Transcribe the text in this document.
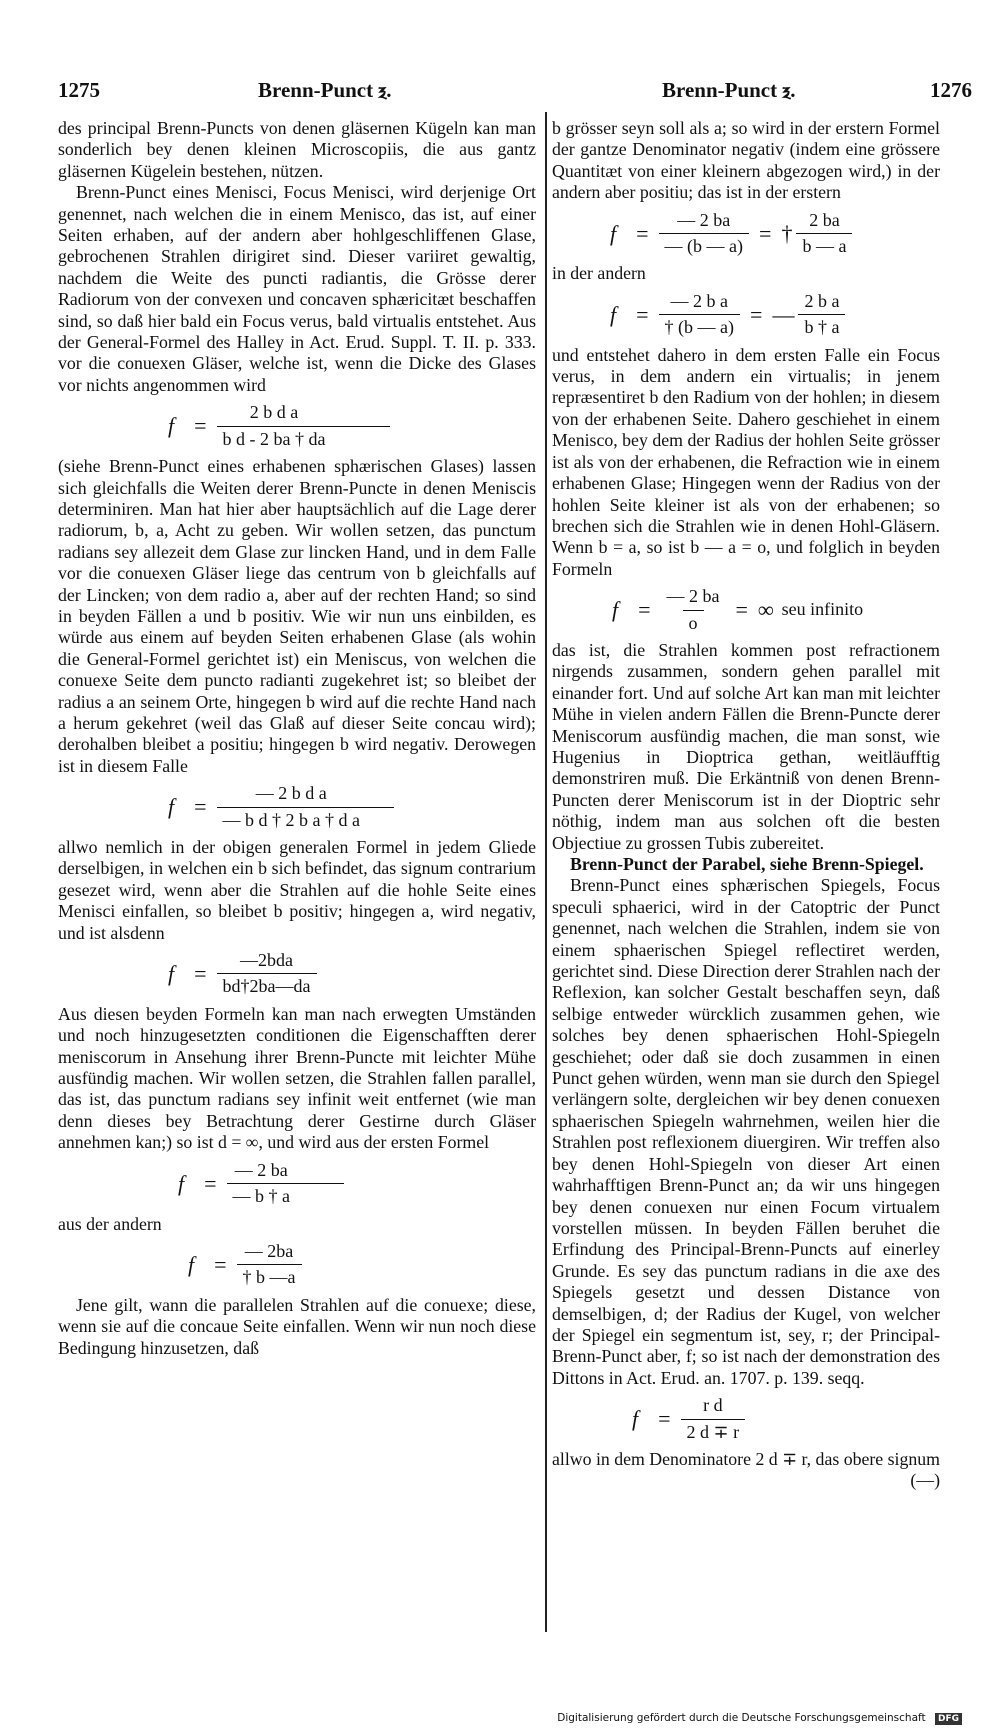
1275	Brenn-Punct ⲝ.	Brenn-Punct ⲝ.	1276

des principal Brenn-Puncts von denen gläsernen Kügeln kan man sonderlich bey denen kleinen Microscopiis, die aus gantz gläsernen Kügelein bestehen, nützen.

Brenn-Punct eines Menisci, Focus Menisci, wird derjenige Ort genennet, nach welchen die in einem Menisco, das ist, auf einer Seiten erhaben, auf der andern aber hohlgeschliffenen Glase, gebrochenen Strahlen dirigiret sind. Dieser variiret gewaltig, nachdem die Weite des puncti radiantis, die Grösse derer Radiorum von der convexen und concaven sphæricitæt beschaffen sind, so daß hier bald ein Focus verus, bald virtualis entstehet. Aus der General-Formel des Halley in Act. Erud. Suppl. T. II. p. 333. vor die conuexen Gläser, welche ist, wenn die Dicke des Glases vor nichts angenommen wird

$f = \frac{\text{2 b d a}}{\text{b d - 2 ba † da}}$

(siehe Brenn-Punct eines erhabenen sphærischen Glases) lassen sich gleichfalls die Weiten derer Brenn-Puncte in denen Meniscis determiniren. Man hat hier aber hauptsächlich auf die Lage derer radiorum, b, a, Acht zu geben. Wir wollen setzen, das punctum radians sey allezeit dem Glase zur lincken Hand, und in dem Falle vor die conuexen Gläser liege das centrum von b gleichfalls auf der Lincken; von dem radio a, aber auf der rechten Hand; so sind in beyden Fällen a und b positiv. Wie wir nun uns einbilden, es würde aus einem auf beyden Seiten erhabenen Glase (als wohin die General-Formel gerichtet ist) ein Meniscus, von welchen die conuexe Seite dem puncto radianti zugekehret ist; so bleibet der radius a an seinem Orte, hingegen b wird auf die rechte Hand nach a herum gekehret (weil das Glaß auf dieser Seite concau wird); derohalben bleibet a positiu; hingegen b wird negativ. Derowegen ist in diesem Falle

$f = \frac{\text{— 2 b d a}}{\text{— b d † 2 b a † d a}}$

allwo nemlich in der obigen generalen Formel in jedem Gliede derselbigen, in welchen ein b sich befindet, das signum contrarium gesezet wird, wenn aber die Strahlen auf die hohle Seite eines Menisci einfallen, so bleibet b positiv; hingegen a, wird negativ, und ist alsdenn

$f = \frac{\text{—2bda}}{bd\dagger 2ba—da}$

Aus diesen beyden Formeln kan man nach erwegten Umständen und noch hinzugesetzten conditionen die Eigenschafften derer meniscorum in Ansehung ihrer Brenn-Puncte mit leichter Mühe ausfündig machen. Wir wollen setzen, die Strahlen fallen parallel, das ist, das punctum radians sey infinit weit entfernet (wie man denn dieses bey Betrachtung derer Gestirne durch Gläser annehmen kan;) so ist d = ∞, und wird aus der ersten Formel

$f = \frac{— 2 ba}{— b \dagger a}$

aus der andern

$f = \frac{— 2ba}{\dagger b —a}$

Jene gilt, wann die parallelen Strahlen auf die conuexe; diese, wenn sie auf die concaue Seite einfallen. Wenn wir nun noch diese Bedingung hinzusetzen, daß

b grösser seyn soll als a; so wird in der erstern Formel der gantze Denominator negativ (indem eine grössere Quantitæt von einer kleinern abgezogen wird,) in der andern aber positiu; das ist in der erstern

$f = \frac{— 2 ba}{— (b — a)}$ = † $\frac{2 ba}{b — a}$

in der andern

$f = \frac{\text{— 2 b a}}{\dagger (b — a)}$ = — $\frac{\text{2 b a}}{b \dagger a}$

und entstehet dahero in dem ersten Falle ein Focus verus, in dem andern ein virtualis; in jenem repræsentiret b den Radium von der hohlen; in diesem von der erhabenen Seite. Dahero geschiehet in einem Menisco, bey dem der Radius der hohlen Seite grösser ist als von der erhabenen, die Refraction wie in einem erhabenen Glase; Hingegen wenn der Radius von der hohlen Seite kleiner ist als von der erhabenen; so brechen sich die Strahlen wie in denen Hohl-Gläsern. Wenn b = a, so ist b — a = o, und folglich in beyden Formeln

$f = \frac{— 2 ba}{o}$ = ∞ seu infinito

das ist, die Strahlen kommen post refractionem nirgends zusammen, sondern gehen parallel mit einander fort. Und auf solche Art kan man mit leichter Mühe in vielen andern Fällen die Brenn-Puncte derer Meniscorum ausfündig machen, die man sonst, wie Hugenius in Dioptrica gethan, weitläufftig demonstriren muß. Die Erkäntniß von denen Brenn-Puncten derer Meniscorum ist in der Dioptric sehr nöthig, indem man aus solchen oft die besten Objectiue zu grossen Tubis zubereitet.

Brenn-Punct der Parabel, siehe Brenn-Spiegel.

Brenn-Punct eines sphærischen Spiegels, Focus speculi sphaerici, wird in der Catoptric der Punct genennet, nach welchen die Strahlen, indem sie von einem sphaerischen Spiegel reflectiret werden, gerichtet sind. Diese Direction derer Strahlen nach der Reflexion, kan solcher Gestalt beschaffen seyn, daß selbige entweder würcklich zusammen gehen, wie solches bey denen sphaerischen Hohl-Spiegeln geschiehet; oder daß sie doch zusammen in einen Punct gehen würden, wenn man sie durch den Spiegel verlängern solte, dergleichen wir bey denen conuexen sphaerischen Spiegeln wahrnehmen, weilen hier die Strahlen post reflexionem diuergiren. Wir treffen also bey denen Hohl-Spiegeln von dieser Art einen wahrhafftigen Brenn-Punct an; da wir uns hingegen bey denen conuexen nur einen Focum virtualem vorstellen müssen. In beyden Fällen beruhet die Erfindung des Principal-Brenn-Puncts auf einerley Grunde. Es sey das punctum radians in die axe des Spiegels gesetzt und dessen Distance von demselbigen, d; der Radius der Kugel, von welcher der Spiegel ein segmentum ist, sey, r; der Principal-Brenn-Punct aber, f; so ist nach der demonstration des Dittons in Act. Erud. an. 1707. p. 139. seqq.

$f = \frac{\text{r d}}{2 d \mp r}$

allwo in dem Denominatore 2 d ∓ r, das obere signum

(—)

Digitalisierung gefördert durch die Deutsche Forschungsgemeinschaft DFG
